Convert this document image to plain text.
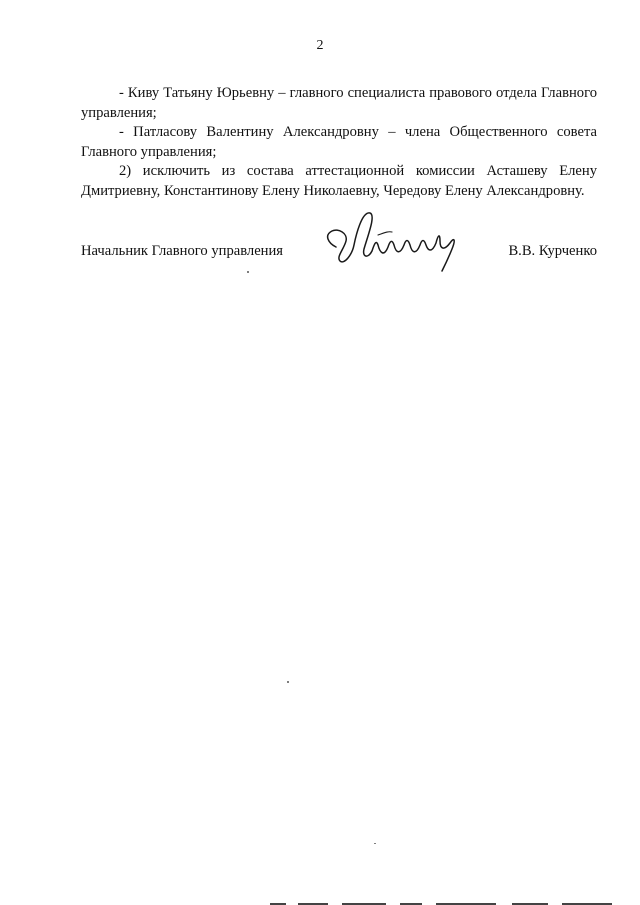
2

- Киву Татьяну Юрьевну – главного специалиста правового отдела Главного управления;

- Патласову Валентину Александровну – члена Общественного совета Главного управления;

2) исключить из состава аттестационной комиссии Асташеву Елену Дмитриевну, Константинову Елену Николаевну, Чередову Елену Александровну.

Начальник Главного управления	В.В. Курченко
